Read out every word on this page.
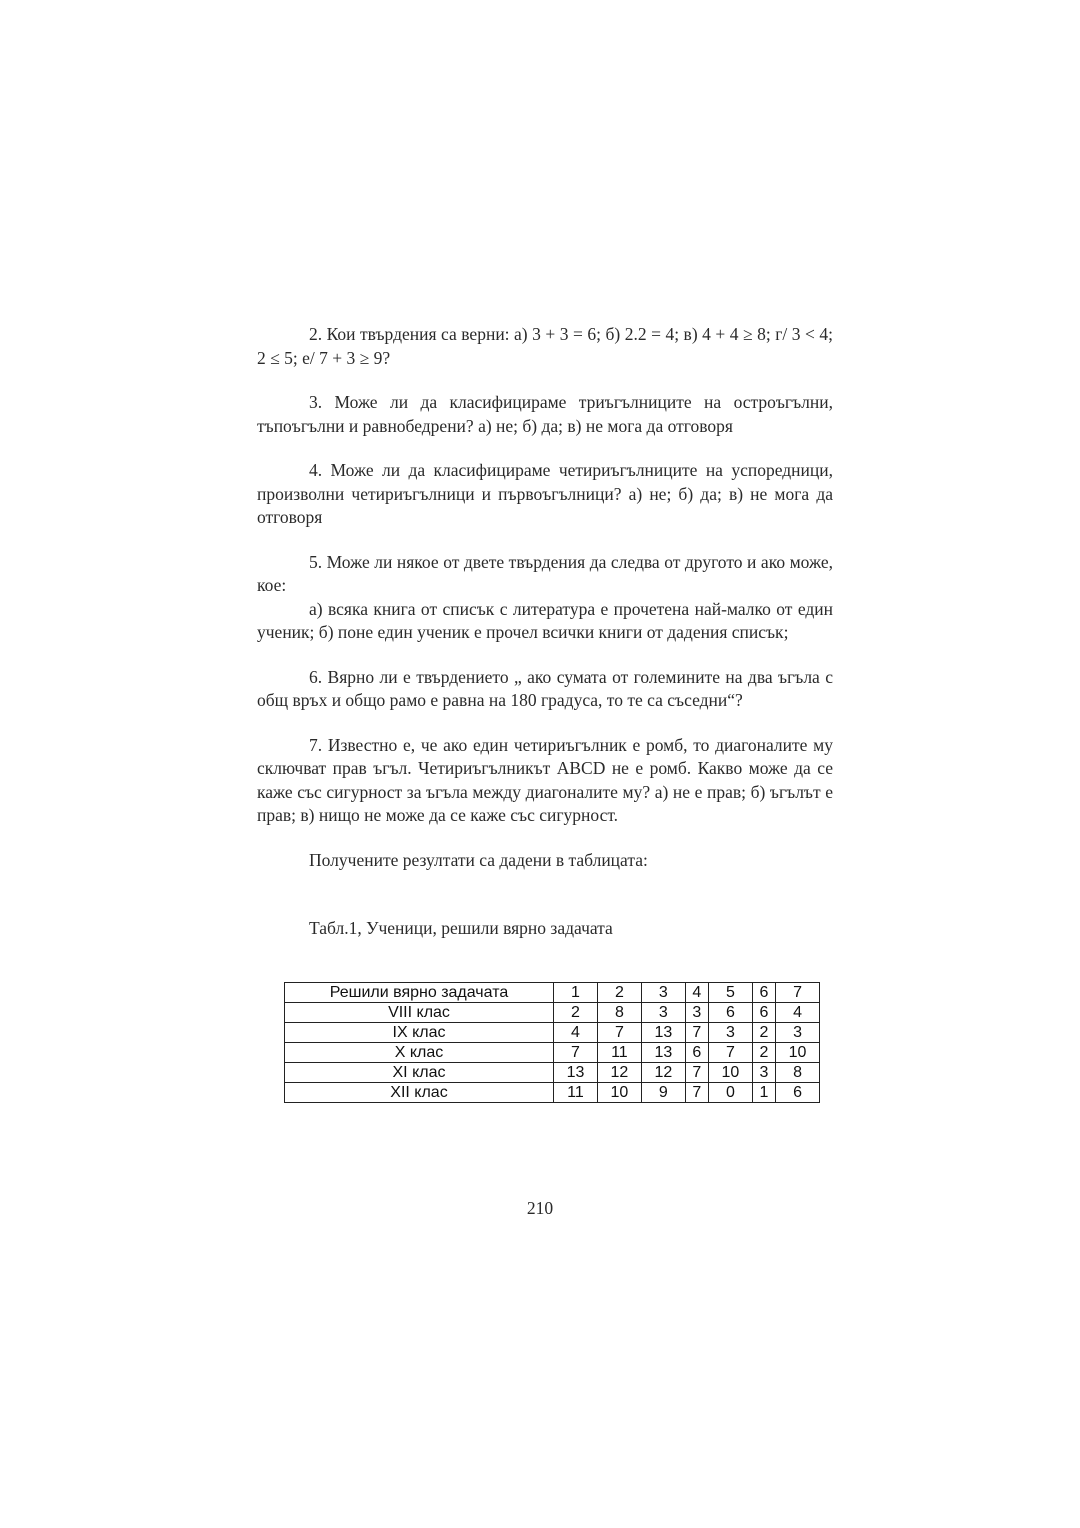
2. Кои твърдения са верни: а) 3 + 3 = 6; б) 2.2 = 4; в) 4 + 4 ≥ 8; г/ 3 < 4; 2 ≤ 5; е/ 7 + 3 ≥ 9?

3. Може ли да класифицираме триъгълниците на остроъгълни, тъпоъгълни и равнобедрени? а) не; б) да; в) не мога да отговоря

4. Може ли да класифицираме четириъгълниците на успоредници, произволни четириъгълници и първоъгълници? а) не; б) да; в) не мога да отговоря

5. Може ли някое от двете твърдения да следва от другото и ако може, кое:

а) всяка книга от списък с литература е прочетена най-малко от един ученик; б) поне един ученик е прочел всички книги от дадения списък;

6. Вярно ли е твърдението „ ако сумата от големините на два ъгъла с общ връх и общо рамо е равна на 180 градуса, то те са съседни“?

7. Известно е, че ако един четириъгълник е ромб, то диагоналите му сключват прав ъгъл. Четириъгълникът ABCD не е ромб. Какво може да се каже със сигурност за ъгъла между диагоналите му? а) не е прав; б) ъгълът е прав; в) нищо не може да се каже със сигурност.

Получените резултати са дадени в таблицата:

Табл.1, Ученици, решили вярно задачата
Решили вярно задачата	1	2	3	4	5	6	7
VIII клас	2	8	3	3	6	6	4
IX клас	4	7	13	7	3	2	3
X клас	7	11	13	6	7	2	10
XI клас	13	12	12	7	10	3	8
XII клас	11	10	9	7	0	1	6
210
